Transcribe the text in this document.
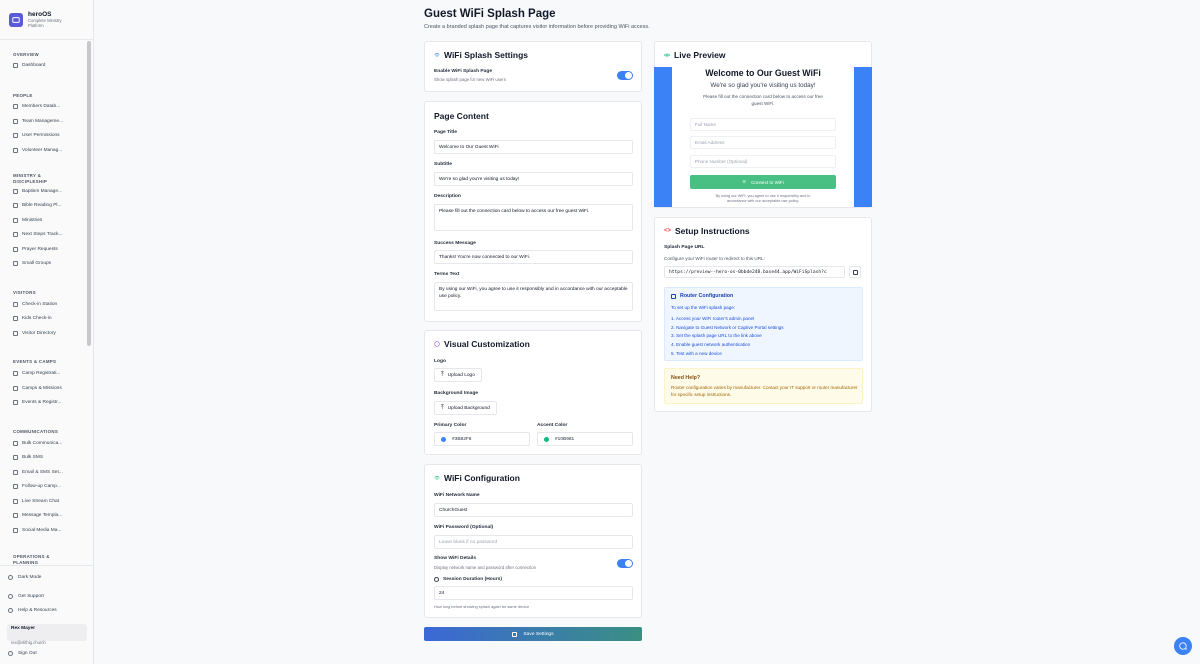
heroOS
Complete Ministry
Platform
OVERVIEW
Dashboard
PEOPLE
Members Datab...
Team Manageme...
User Permissions
Volunteer Manag...
MINISTRY &
DISCIPLESHIP
Baptism Manage...
Bible Reading Pl...
Ministries
Next Steps Track...
Prayer Requests
Small Groups
VISITORS
Check-in Station
Kids Check-in
Visitor Directory
EVENTS & CAMPS
Camp Registrati...
Camps & Missions
Events & Registr...
COMMUNICATIONS
Bulk Communica...
Bulk SMS
Email & SMS Set...
Follow-up Camp...
Live Stream Chat
Message Templa...
Social Media Ma...
OPERATIONS &
PLANNING
Dark Mode
Get Support
Help & Resources
Rex Mayer
rex@elithig.church
Sign Out
Guest WiFi Splash Page
Create a branded splash page that captures visitor information before providing WiFi access.
WiFi Splash Settings
Enable WiFi Splash Page
Show splash page for new WiFi users
Page Content
Page Title
Welcome to Our Guest WiFi
Subtitle
We're so glad you're visiting us today!
Description
Please fill out the connection card below to access our free guest WiFi.
Success Message
Thanks! You're now connected to our WiFi.
Terms Text
By using our WiFi, you agree to use it responsibly and in accordance with our acceptable use policy.
Visual Customization
Logo
⤒ Upload Logo
Background Image
⤒ Upload Background
Primary Color
#3B82F6
Accent Color
#10B981
WiFi Configuration
WiFi Network Name
ChurchGuest
WiFi Password (Optional)
Leave blank if no password
Show WiFi Details
Display network name and password after connection
Session Duration (Hours)
24
How long before showing splash again for same device
Save Settings
Live Preview
Welcome to Our Guest WiFi
We're so glad you're visiting us today!
Please fill out the connection card below to access our free guest WiFi.
Full Name
Email Address
Phone Number (Optional)
≋ Connect to WiFi
By using our WiFi, you agree to use it responsibly and in accordance with our acceptable use policy.
<> Setup Instructions
Splash Page URL
Configure your WiFi router to redirect to this URL:
https://preview--hero-os-0bbde248.base44.app/WiFiSplash?c
Router Configuration
To set up the WiFi splash page:
1. Access your WiFi router's admin panel
2. Navigate to Guest Network or Captive Portal settings
3. Set the splash page URL to the link above
4. Enable guest network authentication
5. Test with a new device
Need Help?
Router configuration varies by manufacturer. Contact your IT support or router manufacturer for specific setup instructions.
